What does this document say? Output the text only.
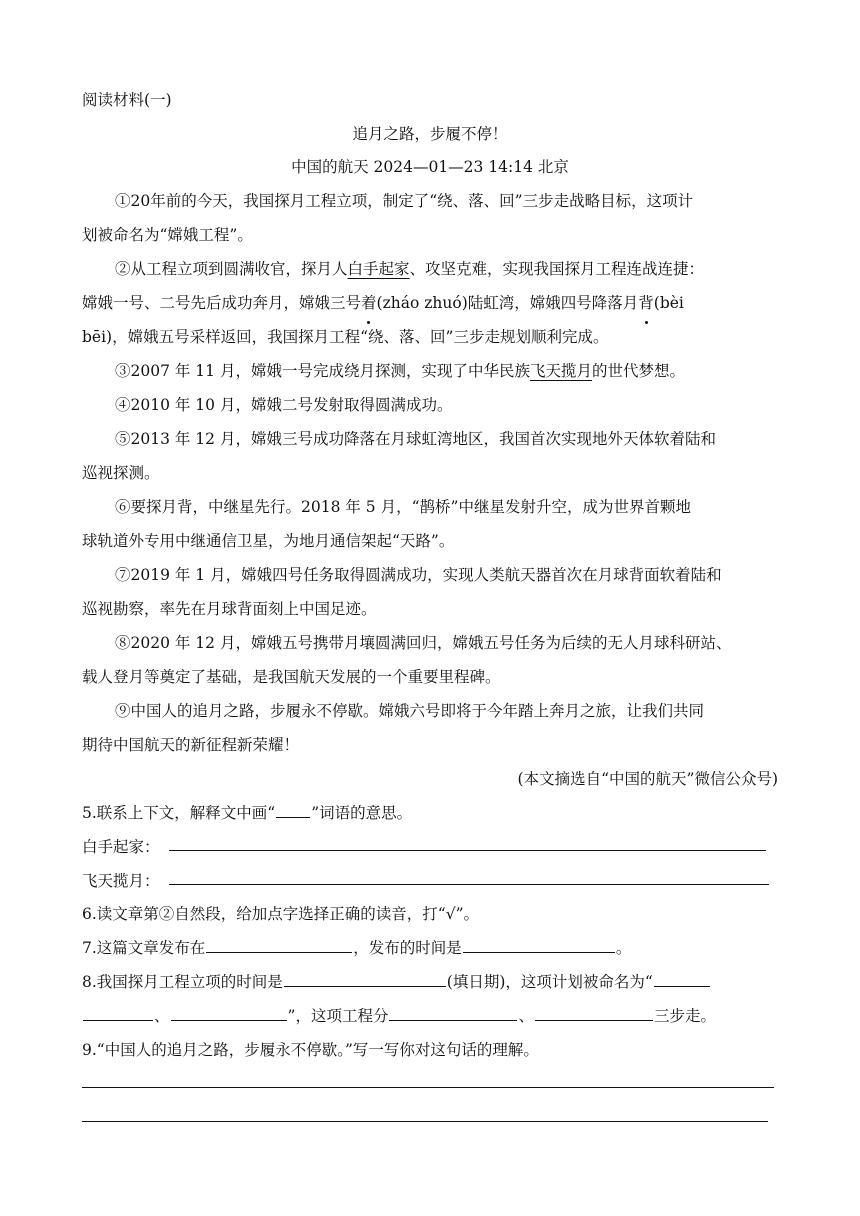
阅读材料(一)
追月之路，步履不停！
中国的航天 2024—01—23 14:14 北京
①20年前的今天，我国探月工程立项，制定了“绕、落、回”三步走战略目标，这项计
划被命名为“嫦娥工程”。
②从工程立项到圆满收官，探月人白手起家、攻坚克难，实现我国探月工程连战连捷：
嫦娥一号、二号先后成功奔月，嫦娥三号着(zháo zhuó)陆虹湾，嫦娥四号降落月背(bèi
bēi)，嫦娥五号采样返回，我国探月工程“绕、落、回”三步走规划顺利完成。
③2007 年 11 月，嫦娥一号完成绕月探测，实现了中华民族飞天揽月的世代梦想。
④2010 年 10 月，嫦娥二号发射取得圆满成功。
⑤2013 年 12 月，嫦娥三号成功降落在月球虹湾地区，我国首次实现地外天体软着陆和
巡视探测。
⑥要探月背，中继星先行。2018 年 5 月，“鹊桥”中继星发射升空，成为世界首颗地
球轨道外专用中继通信卫星，为地月通信架起“天路”。
⑦2019 年 1 月，嫦娥四号任务取得圆满成功，实现人类航天器首次在月球背面软着陆和
巡视勘察，率先在月球背面刻上中国足迹。
⑧2020 年 12 月，嫦娥五号携带月壤圆满回归，嫦娥五号任务为后续的无人月球科研站、
载人登月等奠定了基础，是我国航天发展的一个重要里程碑。
⑨中国人的追月之路，步履永不停歇。嫦娥六号即将于今年踏上奔月之旅，让我们共同
期待中国航天的新征程新荣耀！
(本文摘选自“中国的航天”微信公众号)
5.联系上下文，解释文中画“ ”词语的意思。
白手起家：
飞天揽月：
6.读文章第②自然段，给加点字选择正确的读音，打“√”。
7.这篇文章发布在	，发布的时间是	。
8.我国探月工程立项的时间是	(填日期)，这项计划被命名为“
、	”，这项工程分	、	三步走。
9.“中国人的追月之路，步履永不停歇。”写一写你对这句话的理解。
